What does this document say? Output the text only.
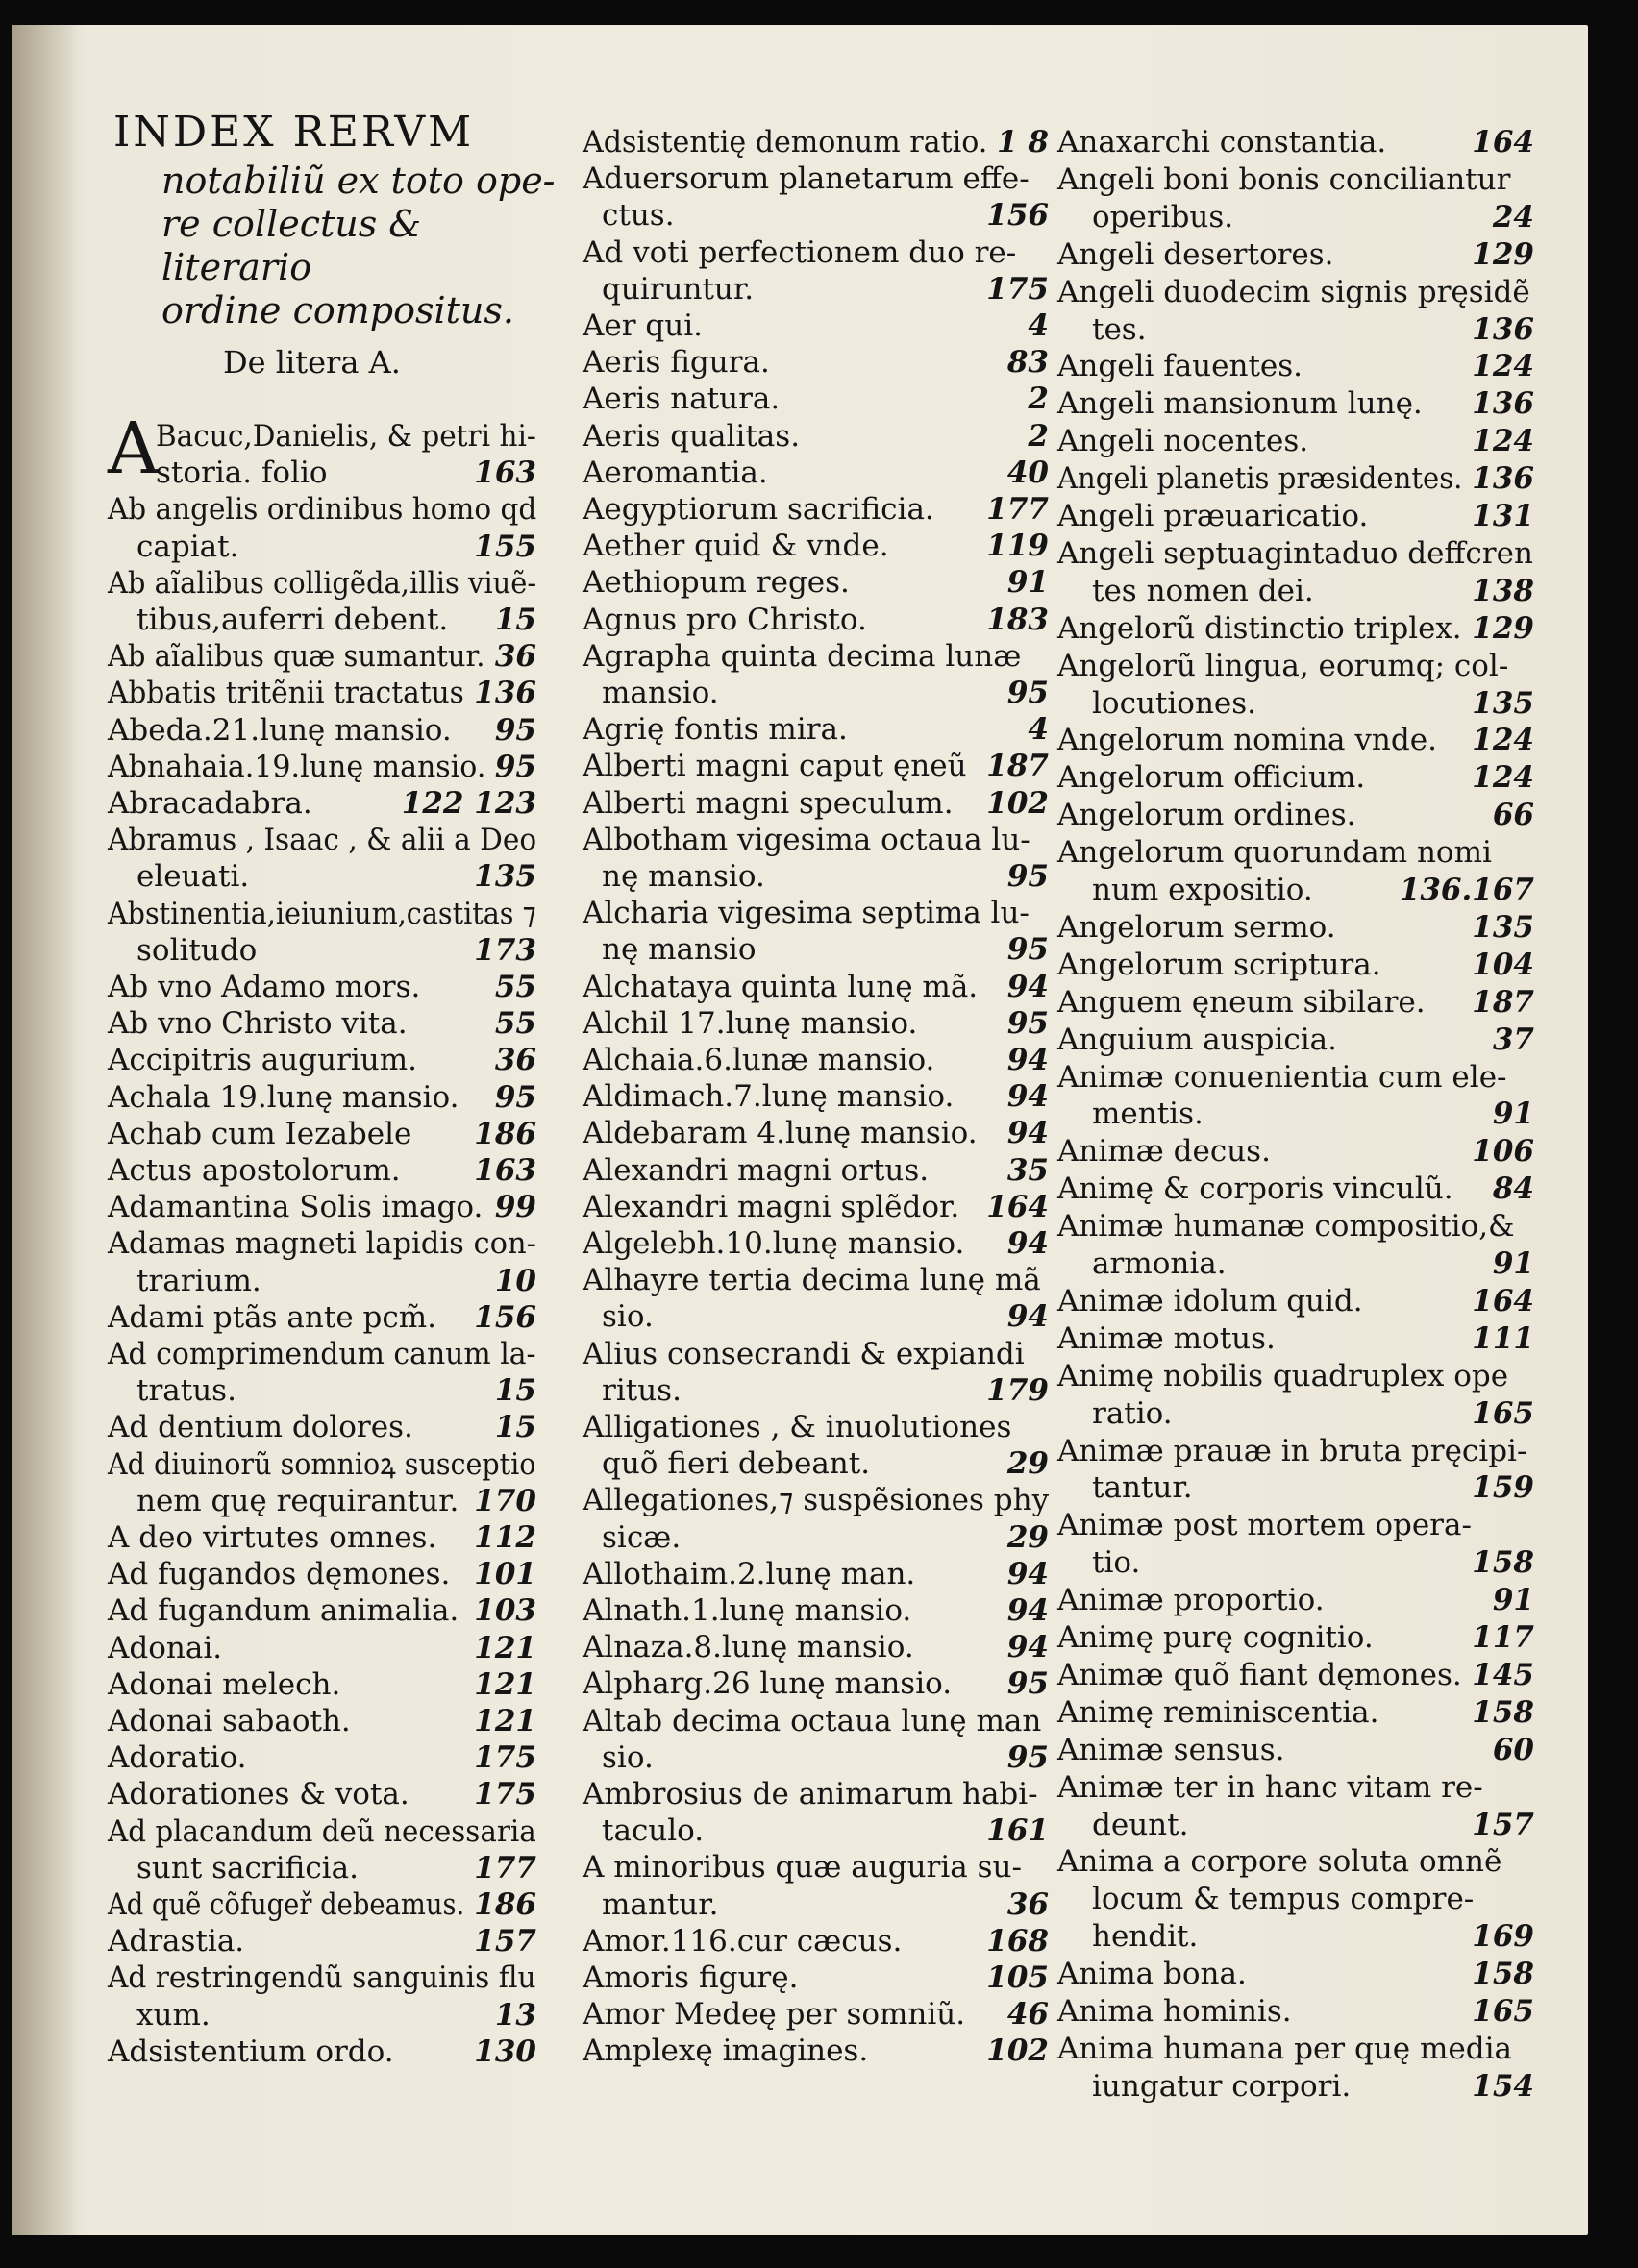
INDEX RERVM
notabiliũ ex toto ope-
re collectus & literario
ordine compositus.
De litera A.
Bacuc,Danielis, & petri hi-
storia. folio	163
Ab angelis ordinibus homo qd
capiat.	155
Ab aĩalibus colligẽda,illis viuẽ-
tibus,auferri debent. 15
Ab aĩalibus quæ sumantur. 36
Abbatis tritẽnii tractatus 136
Abeda.21.lunę mansio. 95
Abnahaia.19.lunę mansio. 95
Abracadabra.	122 123
Abramus , Isaac , & alii a Deo
eleuati.	135
Abstinentia,ieiunium,castitas ⁊
solitudo	173
Ab vno Adamo mors.	55
Ab vno Christo vita.	55
Accipitris augurium.	36
Achala 19.lunę mansio. 95
Achab cum Iezabele 186
Actus apostolorum. 163
Adamantina Solis imago. 99
Adamas magneti lapidis con-
trarium.	10
Adami ptãs ante pcm̃. 156
Ad comprimendum canum la-
tratus.	15
Ad dentium dolores.	15
Ad diuinorũ somnioꝝ susceptio
nem quę requirantur. 170
A deo virtutes omnes. 112
Ad fugandos dęmones. 101
Ad fugandum animalia. 103
Adonai.	121
Adonai melech.	121
Adonai sabaoth.	121
Adoratio.	175
Adorationes & vota. 175
Ad placandum deũ necessaria
sunt sacrificia.	177
Ad quẽ cõfugeř debeamus. 186
Adrastia.	157
Ad restringendũ sanguinis flu
xum.	13
Adsistentium ordo.	130
A
Adsistentię demonum ratio. 1 8
Aduersorum planetarum effe-
ctus.	156
Ad voti perfectionem duo re-
quiruntur.	175
Aer qui.	4
Aeris figura.	83
Aeris natura.	2
Aeris qualitas.	2
Aeromantia.	40
Aegyptiorum sacrificia. 177
Aether quid & vnde.	119
Aethiopum reges.	91
Agnus pro Christo.	183
Agrapha quinta decima lunæ
mansio.	95
Agrię fontis mira.	4
Alberti magni caput ęneũ 187
Alberti magni speculum. 102
Albotham vigesima octaua lu-
nę mansio.	95
Alcharia vigesima septima lu-
nę mansio	95
Alchataya quinta lunę mã. 94
Alchil 17.lunę mansio.	95
Alchaia.6.lunæ mansio. 94
Aldimach.7.lunę mansio. 94
Aldebaram 4.lunę mansio. 94
Alexandri magni ortus.	35
Alexandri magni splẽdor. 164
Algelebh.10.lunę mansio. 94
Alhayre tertia decima lunę mã
sio.	94
Alius consecrandi & expiandi
ritus.	179
Alligationes , & inuolutiones
quõ fieri debeant.	29
Allegationes,⁊ suspẽsiones phy
sicæ.	29
Allothaim.2.lunę man.	94
Alnath.1.lunę mansio.	94
Alnaza.8.lunę mansio.	94
Alpharg.26 lunę mansio. 95
Altab decima octaua lunę man
sio.	95
Ambrosius de animarum habi-
taculo.	161
A minoribus quæ auguria su-
mantur.	36
Amor.116.cur cæcus.	168
Amoris figurę.	105
Amor Medeę per somniũ. 46
Amplexę imagines.	102
Anaxarchi constantia.	164
Angeli boni bonis conciliantur
operibus.	24
Angeli desertores.	129
Angeli duodecim signis pręsidẽ
tes.	136
Angeli fauentes.	124
Angeli mansionum lunę. 136
Angeli nocentes.	124
Angeli planetis præsidentes. 136
Angeli præuaricatio.	131
Angeli septuagintaduo deffcren
tes nomen dei.	138
Angelorũ distinctio triplex. 129
Angelorũ lingua, eorumq; col-
locutiones.	135
Angelorum nomina vnde. 124
Angelorum officium.	124
Angelorum ordines.	66
Angelorum quorundam nomi
num expositio.	136.167
Angelorum sermo.	135
Angelorum scriptura.	104
Anguem ęneum sibilare. 187
Anguium auspicia.	37
Animæ conuenientia cum ele-
mentis.	91
Animæ decus.	106
Animę & corporis vinculũ. 84
Animæ humanæ compositio,&
armonia.	91
Animæ idolum quid.	164
Animæ motus.	111
Animę nobilis quadruplex ope
ratio.	165
Animæ prauæ in bruta pręcipi-
tantur.	159
Animæ post mortem opera-
tio.	158
Animæ proportio.	91
Animę purę cognitio.	117
Animæ quõ fiant dęmones. 145
Animę reminiscentia.	158
Animæ sensus.	60
Animæ ter in hanc vitam re-
deunt.	157
Anima a corpore soluta omnẽ
locum & tempus compre-
hendit.	169
Anima bona.	158
Anima hominis.	165
Anima humana per quę media
iungatur corpori.	154
